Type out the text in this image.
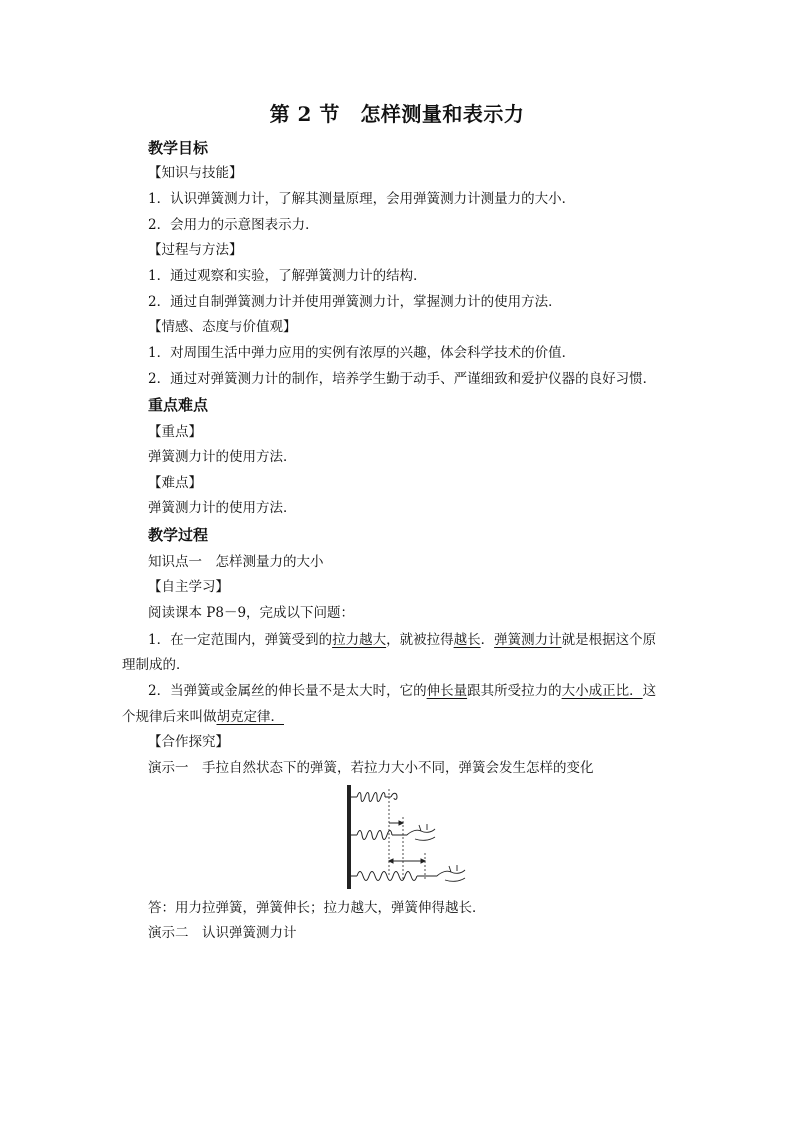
第 2 节　怎样测量和表示力
教学目标
【知识与技能】
1．认识弹簧测力计，了解其测量原理，会用弹簧测力计测量力的大小．
2．会用力的示意图表示力．
【过程与方法】
1．通过观察和实验，了解弹簧测力计的结构．
2．通过自制弹簧测力计并使用弹簧测力计，掌握测力计的使用方法．
【情感、态度与价值观】
1．对周围生活中弹力应用的实例有浓厚的兴趣，体会科学技术的价值．
2．通过对弹簧测力计的制作，培养学生勤于动手、严谨细致和爱护仪器的良好习惯．
重点难点
【重点】
弹簧测力计的使用方法．
【难点】
弹簧测力计的使用方法．
教学过程
知识点一　怎样测量力的大小
【自主学习】
阅读课本 P8－9，完成以下问题：
1．在一定范围内，弹簧受到的拉力越大，就被拉得越长．弹簧测力计就是根据这个原
理制成的．
2．当弹簧或金属丝的伸长量不是太大时，它的伸长量跟其所受拉力的大小成正比．这
个规律后来叫做胡克定律．
【合作探究】
演示一　手拉自然状态下的弹簧，若拉力大小不同，弹簧会发生怎样的变化
答：用力拉弹簧，弹簧伸长；拉力越大，弹簧伸得越长．
演示二　认识弹簧测力计
